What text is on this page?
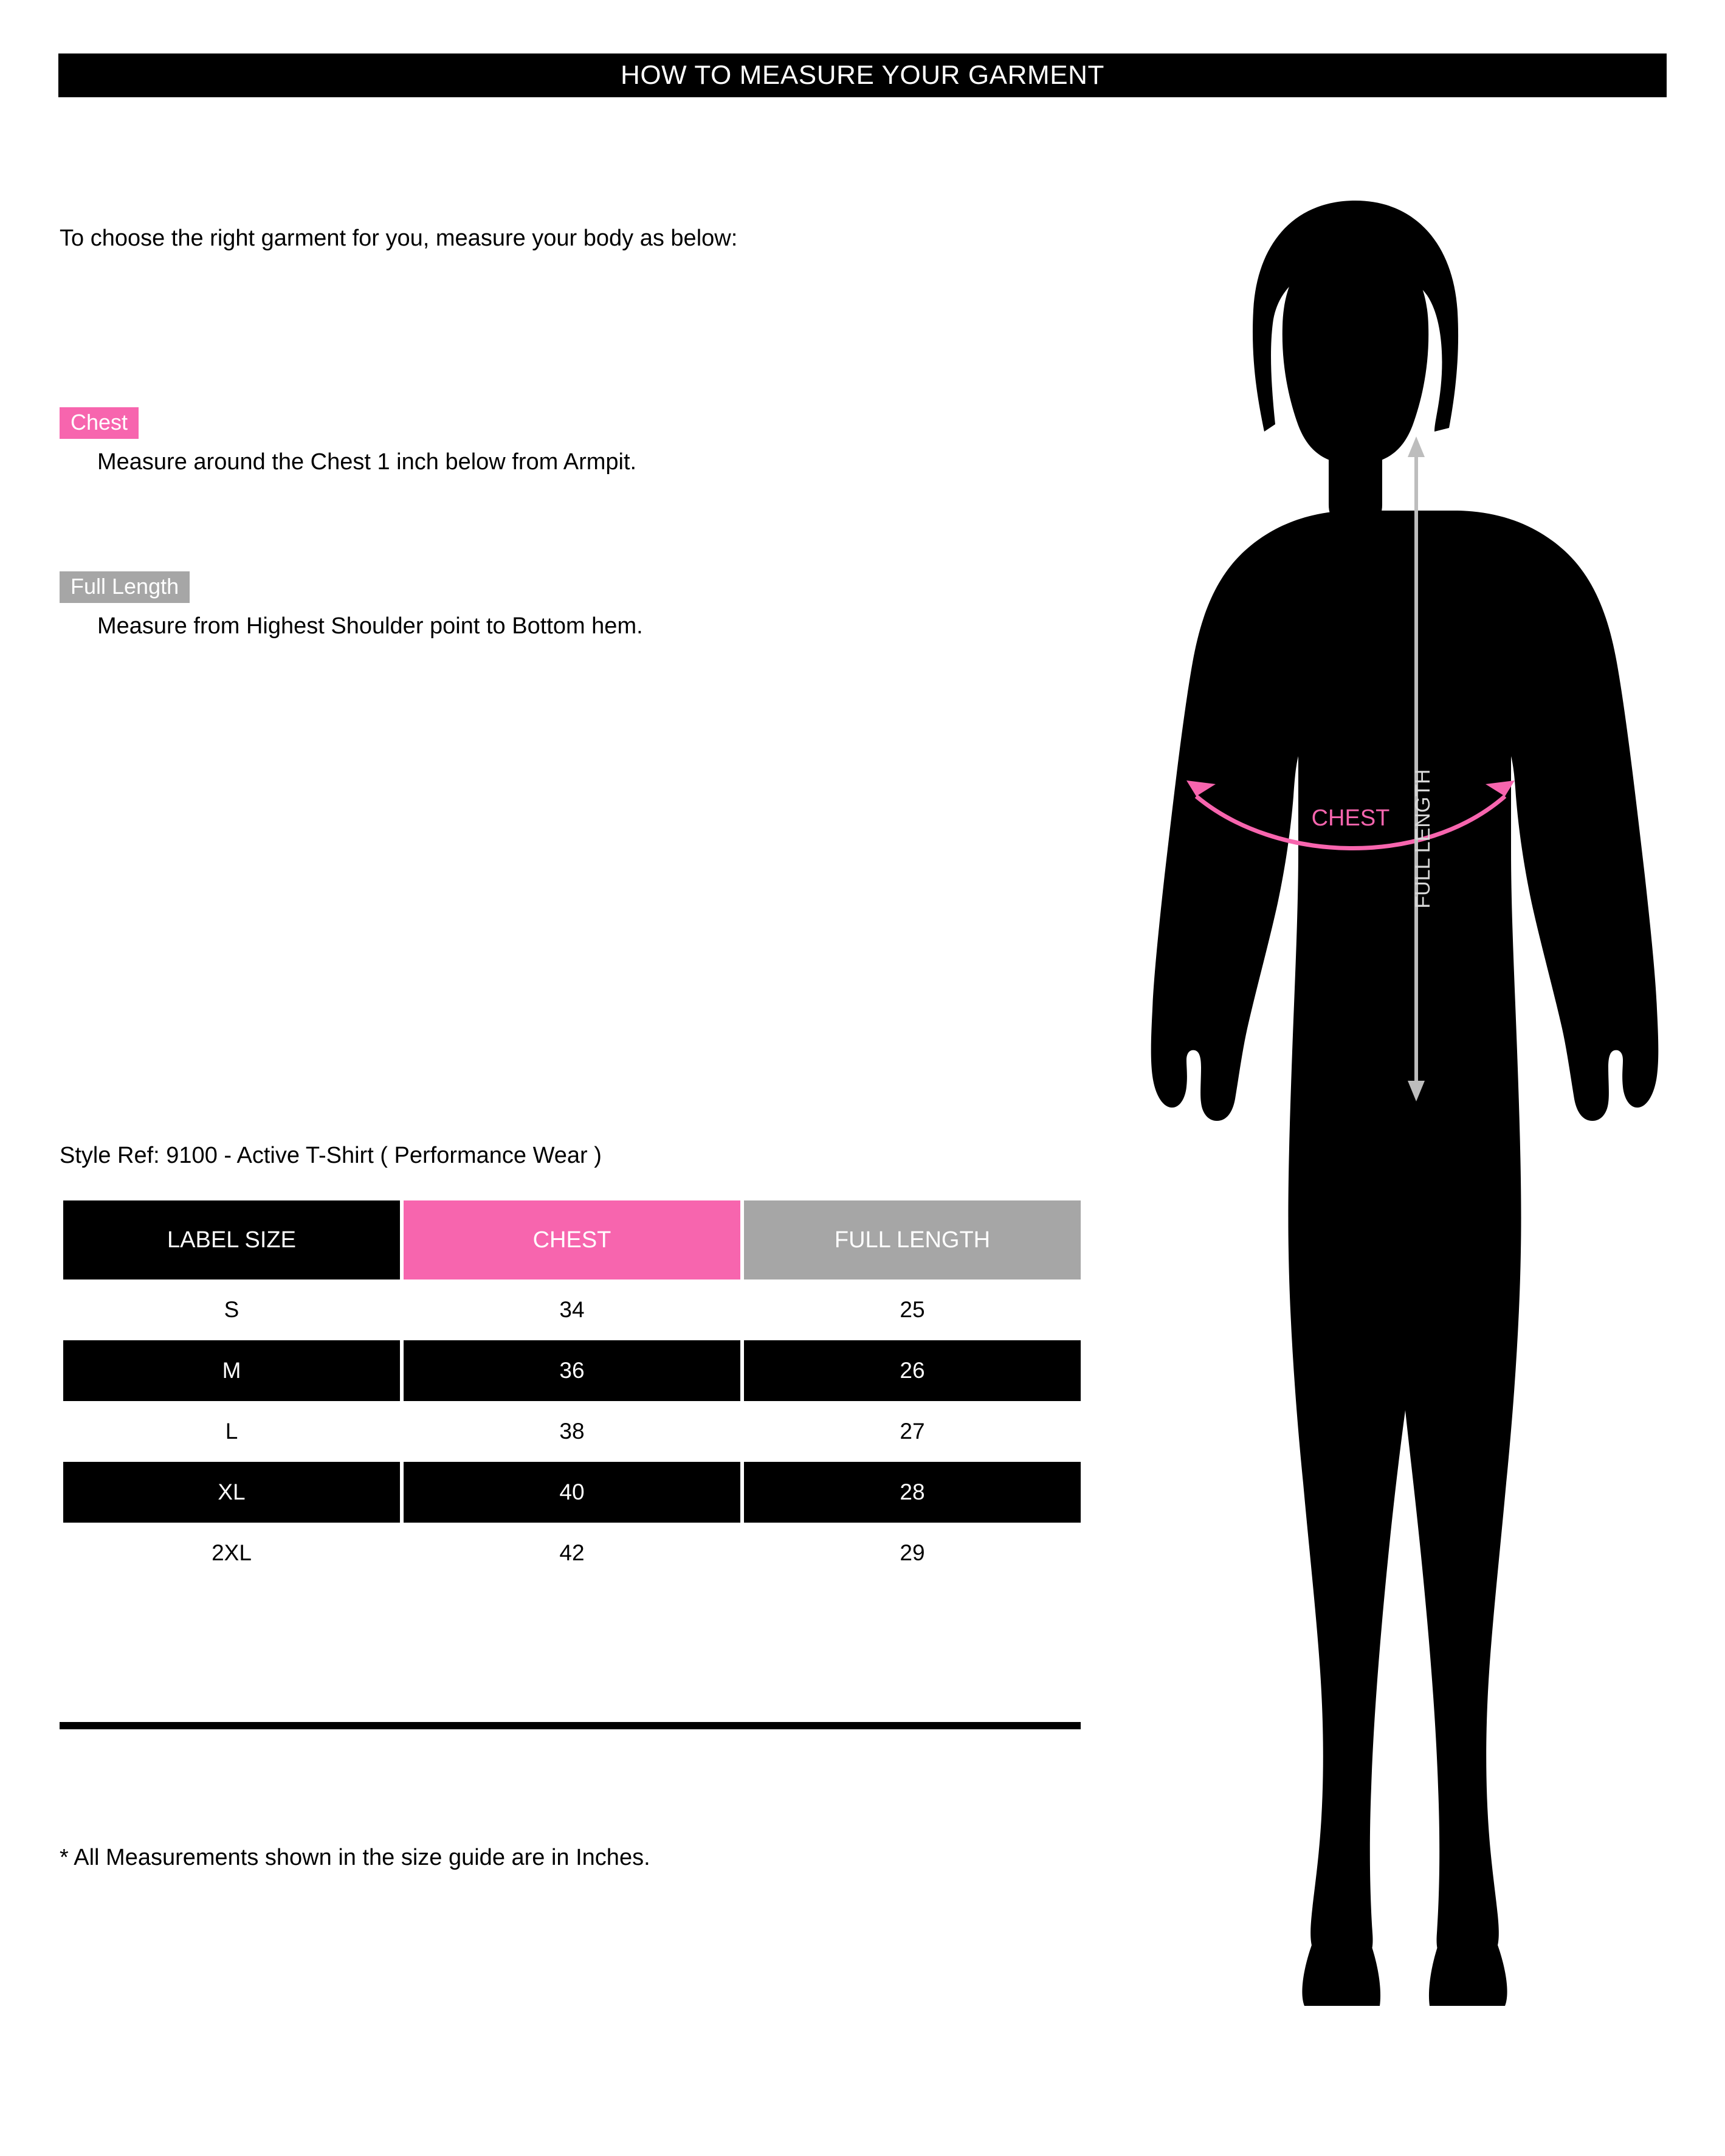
HOW TO MEASURE YOUR GARMENT

To choose the right garment for you, measure your body as below:

Chest
Measure around the Chest 1 inch below from Armpit.
Full Length
Measure from Highest Shoulder point to Bottom hem.
Style Ref: 9100 - Active T-Shirt ( Performance Wear )
LABEL SIZE	CHEST	FULL LENGTH
S	34	25
M	36	26
L	38	27
XL	40	28
2XL	42	29
* All Measurements shown in the size guide are in Inches.
CHEST FULL LENGTH
